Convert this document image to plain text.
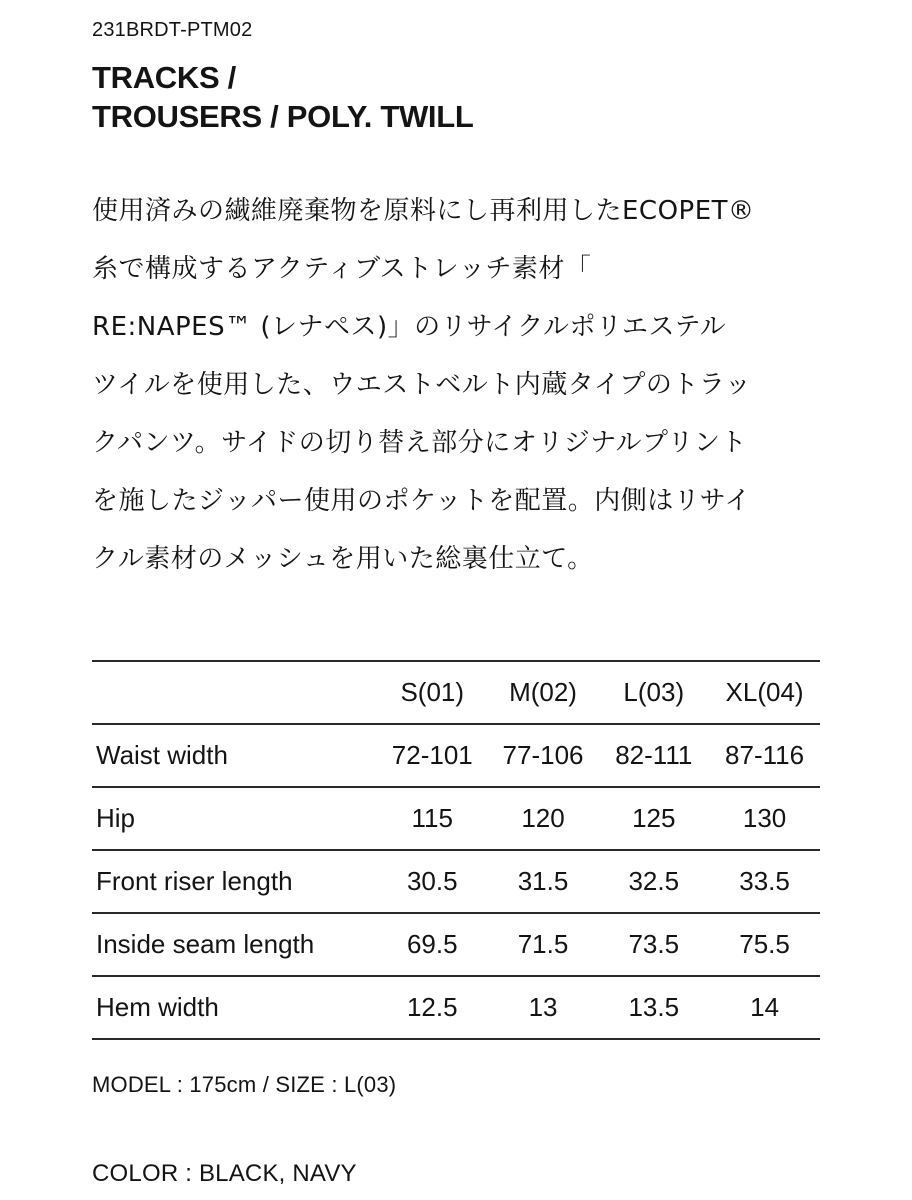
231BRDT-PTM02
TRACKS /
TROUSERS / POLY. TWILL
使用済みの繊維廃棄物を原料にし再利用したECOPET®
糸で構成するアクティブストレッチ素材「
RE:NAPES™ (レナペス)」のリサイクルポリエステル
ツイルを使用した、ウエストベルト内蔵タイプのトラッ
クパンツ。サイドの切り替え部分にオリジナルプリント
を施したジッパー使用のポケットを配置。内側はリサイ
クル素材のメッシュを用いた総裏仕立て。
	S(01)	M(02)	L(03)	XL(04)
Waist width	72-101	77-106	82-111	87-116
Hip	115	120	125	130
Front riser length	30.5	31.5	32.5	33.5
Inside seam length	69.5	71.5	73.5	75.5
Hem width	12.5	13	13.5	14
MODEL : 175cm / SIZE : L(03)
COLOR : BLACK, NAVY
